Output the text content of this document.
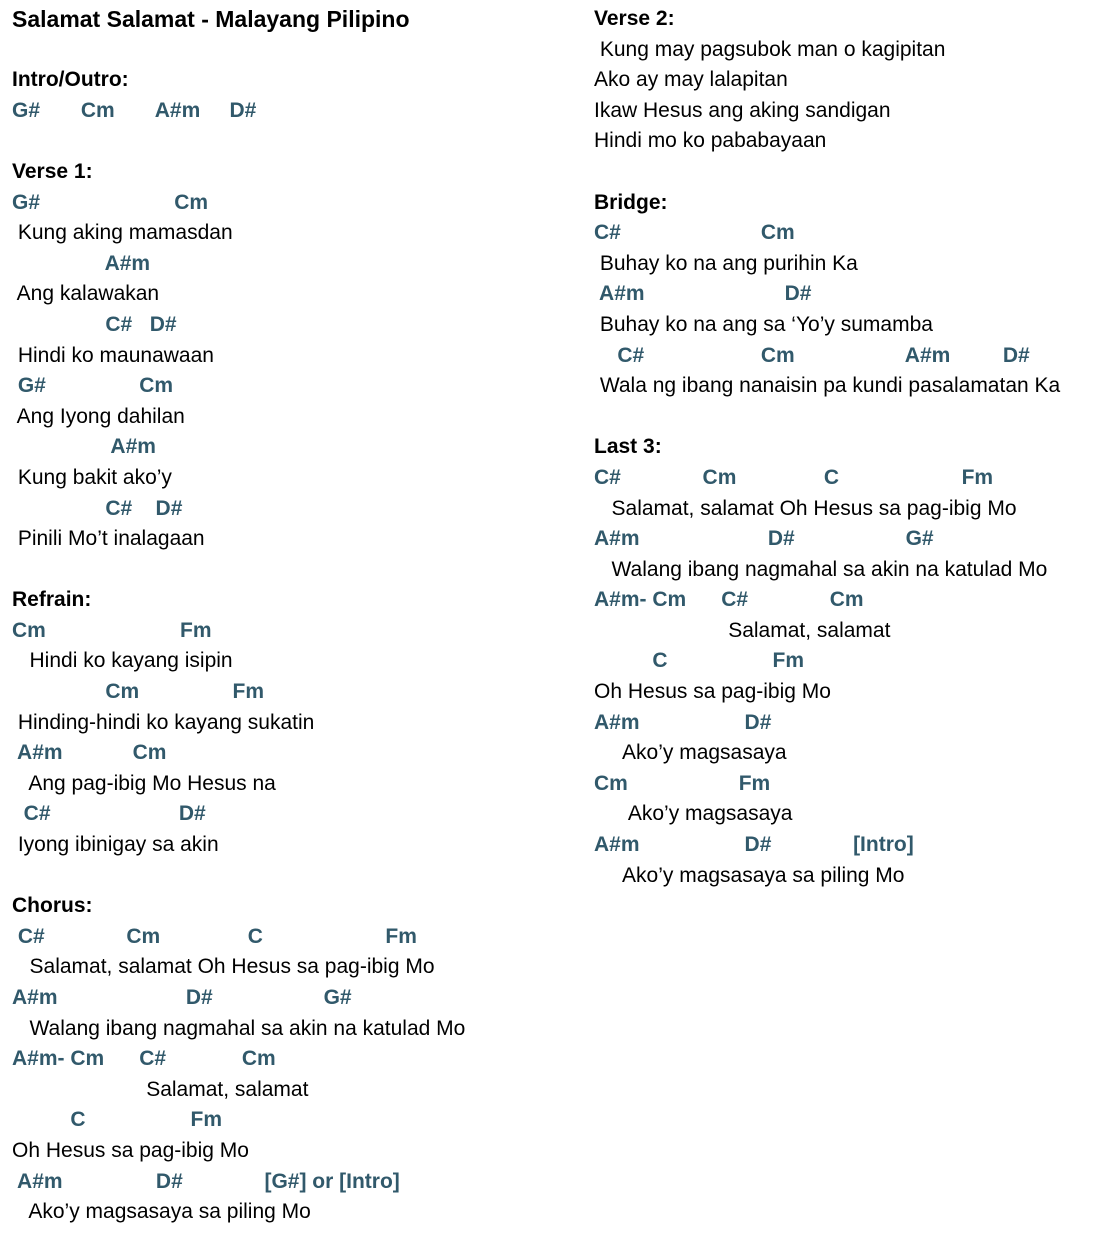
Salamat Salamat - Malayang Pilipino
Intro/Outro:
G#       Cm       A#m     D#
Verse 1:
G#                       Cm
Kung aking mamasdan
A#m
Ang kalawakan
C#   D#
Hindi ko maunawaan
G#                Cm
Ang Iyong dahilan
A#m
Kung bakit ako’y
C#    D#
Pinili Mo’t inalagaan
Refrain:
Cm                       Fm
Hindi ko kayang isipin
Cm                Fm
Hinding-hindi ko kayang sukatin
A#m            Cm
Ang pag-ibig Mo Hesus na
C#                      D#
Iyong ibinigay sa akin
Chorus:
C#              Cm               C                     Fm
Salamat, salamat Oh Hesus sa pag-ibig Mo
A#m                      D#                   G#
Walang ibang nagmahal sa akin na katulad Mo
A#m- Cm      C#             Cm
Salamat, salamat
C                  Fm
Oh Hesus sa pag-ibig Mo
A#m                D#              [G#] or [Intro]
Ako’y magsasaya sa piling Mo
Verse 2:
Kung may pagsubok man o kagipitan
Ako ay may lalapitan
Ikaw Hesus ang aking sandigan
Hindi mo ko pababayaan
Bridge:
C#                        Cm
Buhay ko na ang purihin Ka
A#m                        D#
Buhay ko na ang sa ‘Yo’y sumamba
C#                    Cm                   A#m         D#
Wala ng ibang nanaisin pa kundi pasalamatan Ka
Last 3:
C#              Cm               C                     Fm
Salamat, salamat Oh Hesus sa pag-ibig Mo
A#m                      D#                   G#
Walang ibang nagmahal sa akin na katulad Mo
A#m- Cm      C#              Cm
Salamat, salamat
C                  Fm
Oh Hesus sa pag-ibig Mo
A#m                  D#
Ako’y magsasaya
Cm                   Fm
Ako’y magsasaya
A#m                  D#              [Intro]
Ako’y magsasaya sa piling Mo
